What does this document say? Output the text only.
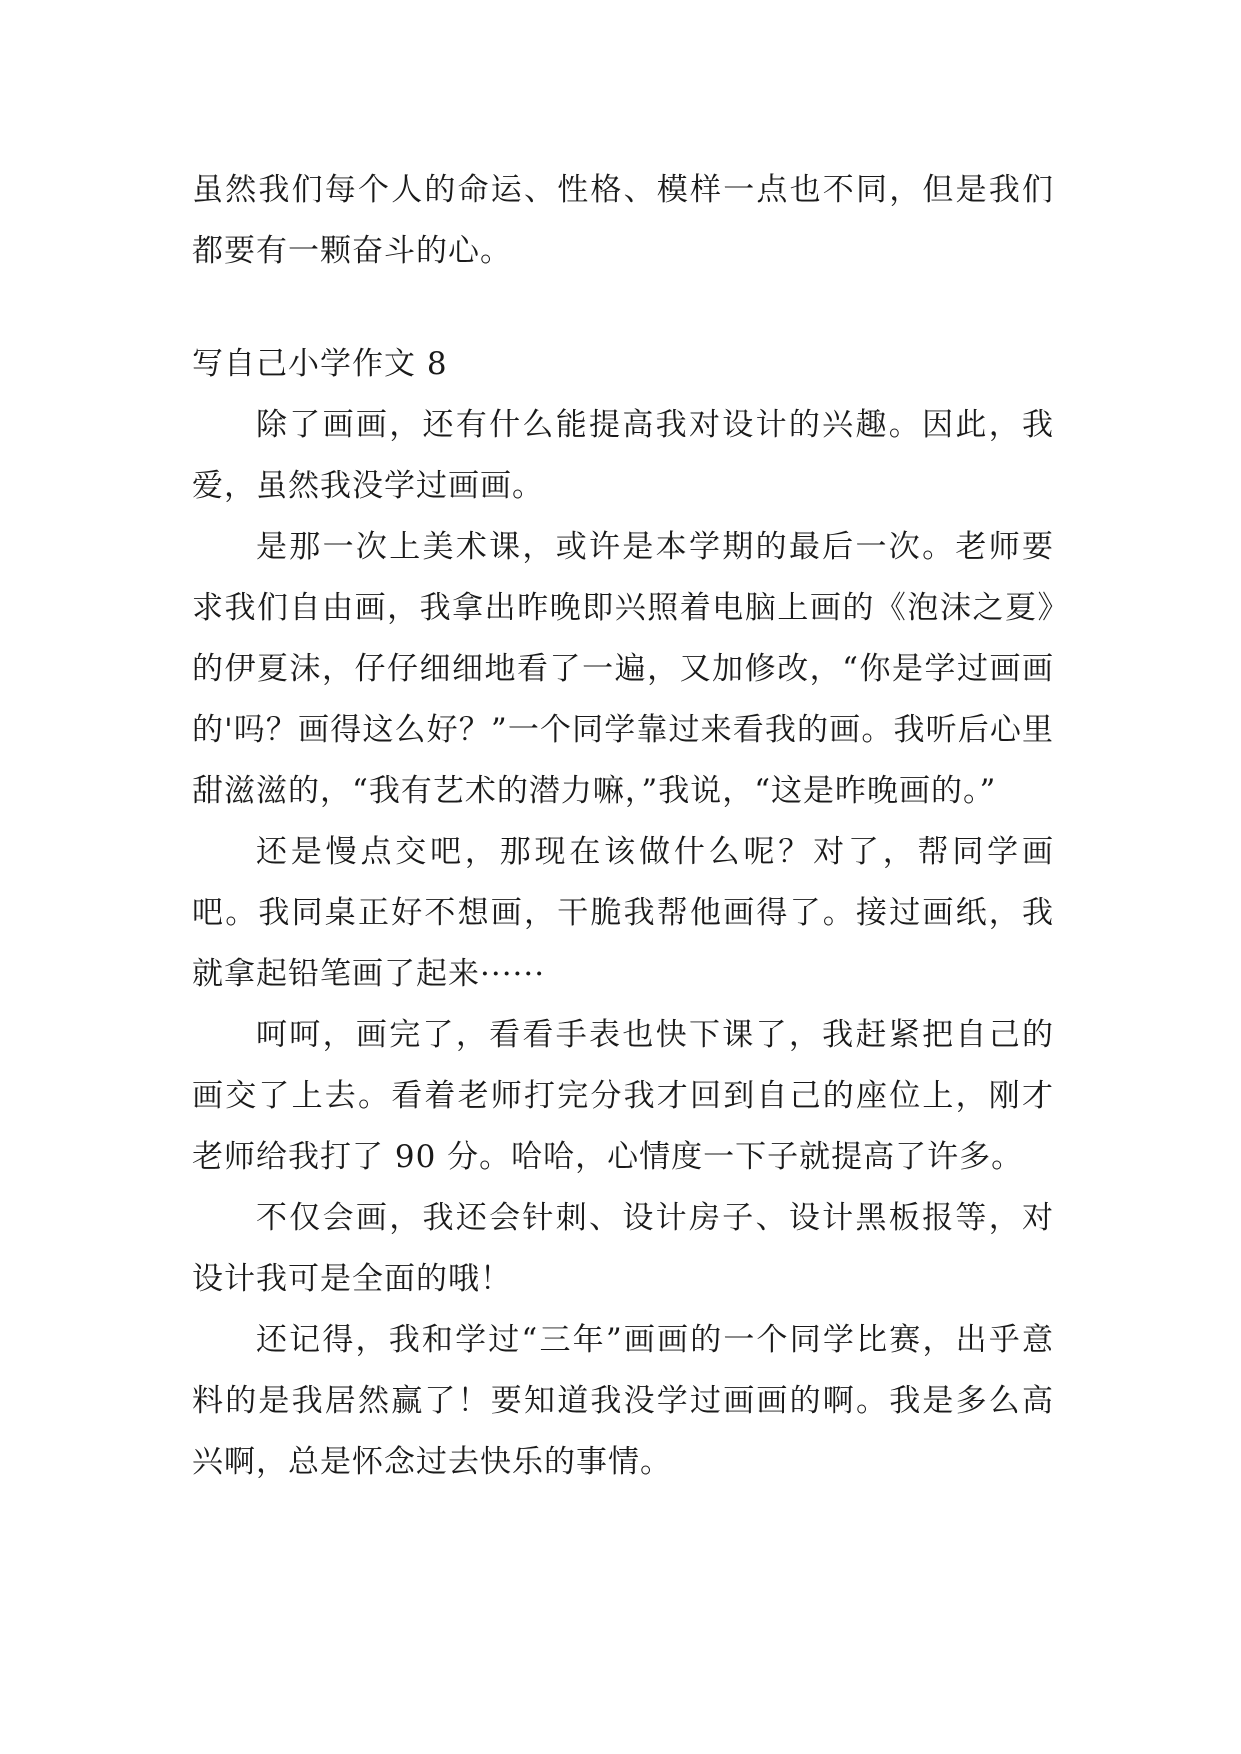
虽然我们每个人的命运、性格、模样一点也不同，但是我们都要有一颗奋斗的心。

写自己小学作文 8

除了画画，还有什么能提高我对设计的兴趣。因此，我爱，虽然我没学过画画。

是那一次上美术课，或许是本学期的最后一次。老师要求我们自由画，我拿出昨晚即兴照着电脑上画的《泡沫之夏》的伊夏沫，仔仔细细地看了一遍，又加修改，“你是学过画画的'吗？画得这么好？”一个同学靠过来看我的画。我听后心里甜滋滋的，“我有艺术的潜力嘛，”我说，“这是昨晚画的。”

还是慢点交吧，那现在该做什么呢？对了，帮同学画吧。我同桌正好不想画，干脆我帮他画得了。接过画纸，我就拿起铅笔画了起来······

呵呵，画完了，看看手表也快下课了，我赶紧把自己的画交了上去。看着老师打完分我才回到自己的座位上，刚才老师给我打了 90 分。哈哈，心情度一下子就提高了许多。

不仅会画，我还会针刺、设计房子、设计黑板报等，对设计我可是全面的哦！

还记得，我和学过“三年”画画的一个同学比赛，出乎意料的是我居然赢了！要知道我没学过画画的啊。我是多么高兴啊，总是怀念过去快乐的事情。
